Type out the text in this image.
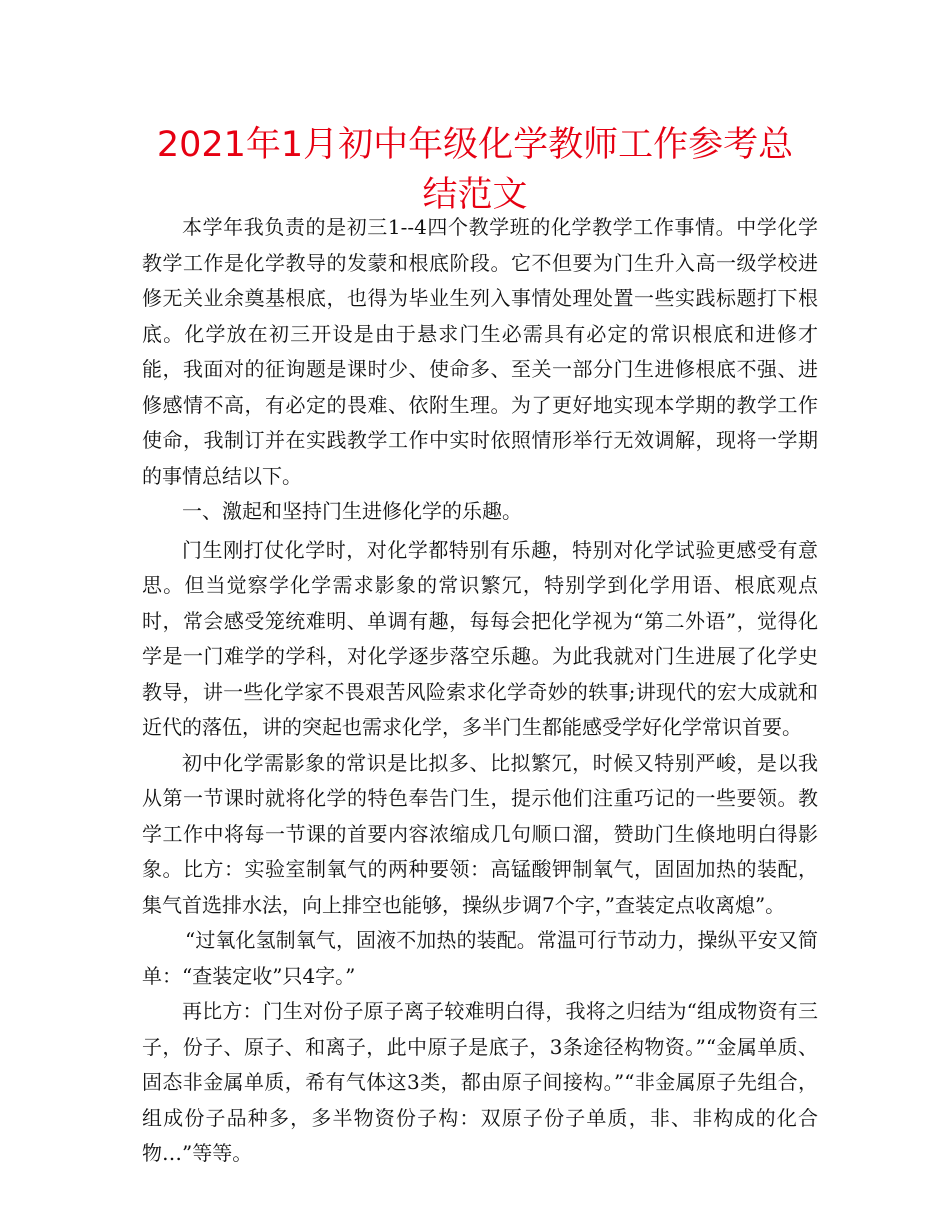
2021年1月初中年级化学教师工作参考总结范文

本学年我负责的是初三1--4四个教学班的化学教学工作事情。中学化学教学工作是化学教导的发蒙和根底阶段。它不但要为门生升入高一级学校进修无关业余奠基根底，也得为毕业生列入事情处理处置一些实践标题打下根底。化学放在初三开设是由于悬求门生必需具有必定的常识根底和进修才能，我面对的征询题是课时少、使命多、至关一部分门生进修根底不强、进修感情不高，有必定的畏难、依附生理。为了更好地实现本学期的教学工作使命，我制订并在实践教学工作中实时依照情形举行无效调解，现将一学期的事情总结以下。

一、激起和坚持门生进修化学的乐趣。

门生刚打仗化学时，对化学都特别有乐趣，特别对化学试验更感受有意思。但当觉察学化学需求影象的常识繁冗，特别学到化学用语、根底观点时，常会感受笼统难明、单调有趣，每每会把化学视为“第二外语”，觉得化学是一门难学的学科，对化学逐步落空乐趣。为此我就对门生进展了化学史教导，讲一些化学家不畏艰苦风险索求化学奇妙的轶事;讲现代的宏大成就和近代的落伍，讲的突起也需求化学，多半门生都能感受学好化学常识首要。

初中化学需影象的常识是比拟多、比拟繁冗，时候又特别严峻，是以我从第一节课时就将化学的特色奉告门生，提示他们注重巧记的一些要领。教学工作中将每一节课的首要内容浓缩成几句顺口溜，赞助门生倏地明白得影象。比方：实验室制氧气的两种要领：高锰酸钾制氧气，固固加热的装配，集气首选排水法，向上排空也能够，操纵步调7个字，”查装定点收离熄”。

“过氧化氢制氧气，固液不加热的装配。常温可行节动力，操纵平安又简单：“查装定收”只4字。”

再比方：门生对份子原子离子较难明白得，我将之归结为“组成物资有三子，份子、原子、和离子，此中原子是底子，3条途径构物资。”“金属单质、固态非金属单质，希有气体这3类，都由原子间接构。”“非金属原子先组合，组成份子品种多，多半物资份子构：双原子份子单质，非、非构成的化合物…”等等。
